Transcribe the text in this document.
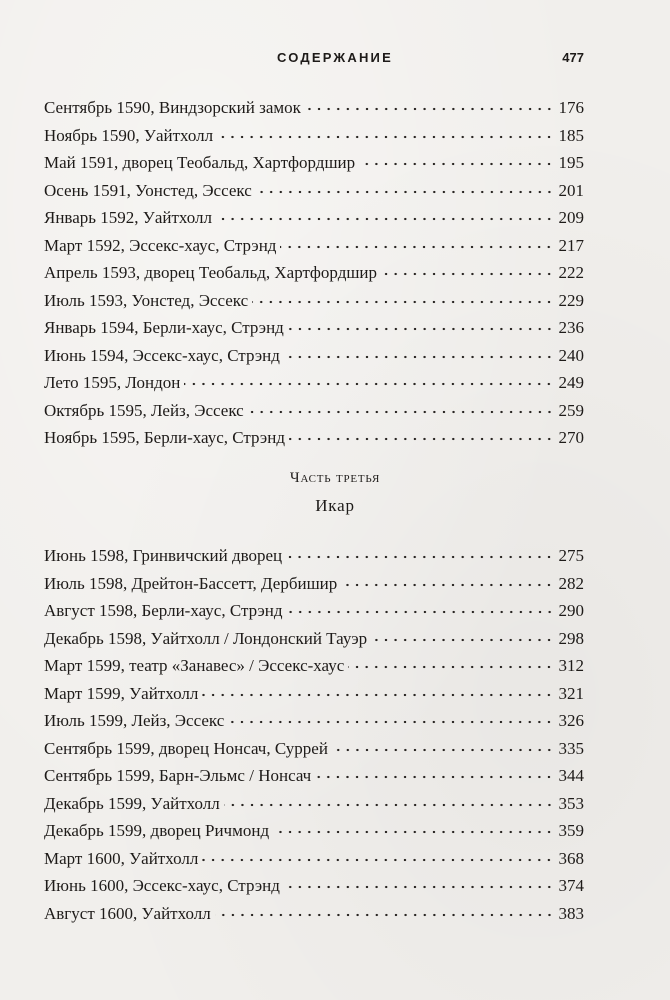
СОДЕРЖАНИЕ	477
Сентябрь 1590, Виндзорский замок	176
Ноябрь 1590, Уайтхолл	185
Май 1591, дворец Теобальд, Хартфордшир	195
Осень 1591, Уонстед, Эссекс	201
Январь 1592, Уайтхолл	209
Март 1592, Эссекс-хаус, Стрэнд	217
Апрель 1593, дворец Теобальд, Хартфордшир	222
Июль 1593, Уонстед, Эссекс	229
Январь 1594, Берли-хаус, Стрэнд	236
Июнь 1594, Эссекс-хаус, Стрэнд	240
Лето 1595, Лондон	249
Октябрь 1595, Лейз, Эссекс	259
Ноябрь 1595, Берли-хаус, Стрэнд	270
Часть третья
Икар
Июнь 1598, Гринвичский дворец	275
Июль 1598, Дрейтон-Бассетт, Дербишир	282
Август 1598, Берли-хаус, Стрэнд	290
Декабрь 1598, Уайтхолл / Лондонский Тауэр	298
Март 1599, театр «Занавес» / Эссекс-хаус	312
Март 1599, Уайтхолл	321
Июль 1599, Лейз, Эссекс	326
Сентябрь 1599, дворец Нонсач, Суррей	335
Сентябрь 1599, Барн-Эльмс / Нонсач	344
Декабрь 1599, Уайтхолл	353
Декабрь 1599, дворец Ричмонд	359
Март 1600, Уайтхолл	368
Июнь 1600, Эссекс-хаус, Стрэнд	374
Август 1600, Уайтхолл	383
